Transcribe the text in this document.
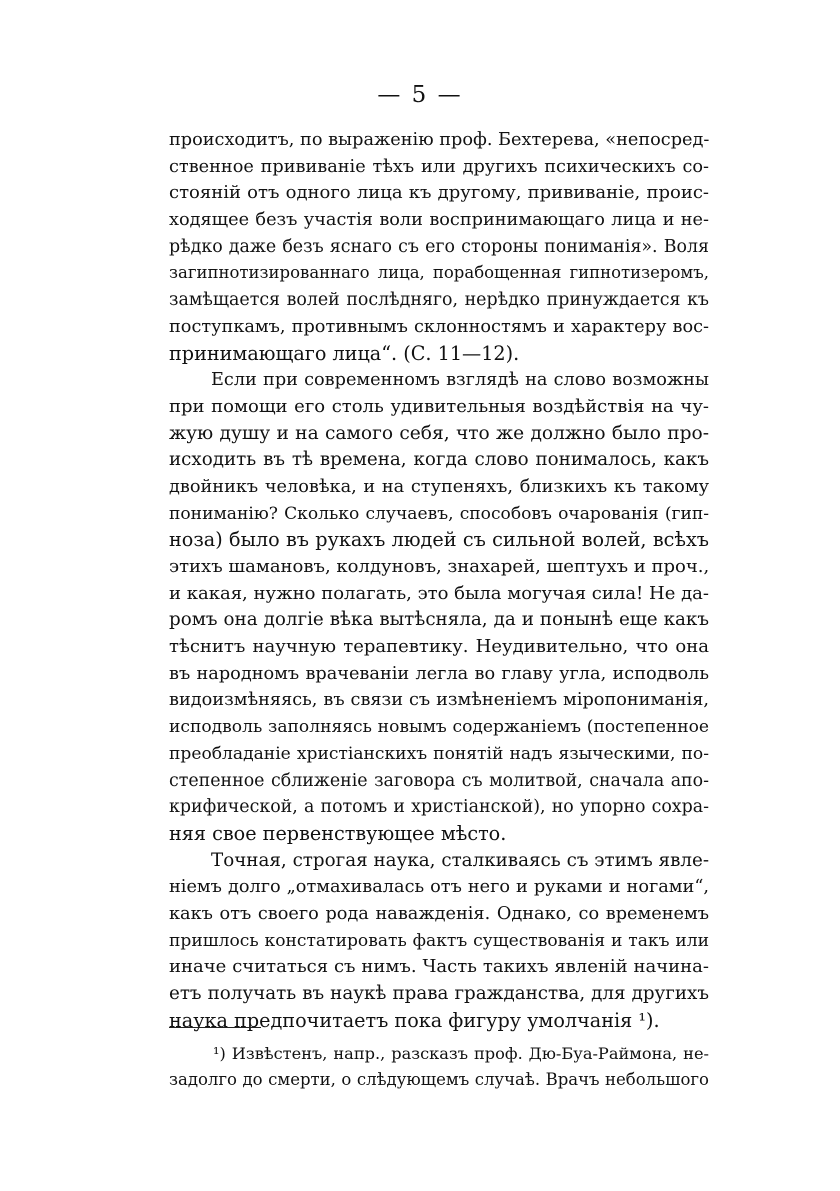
— 5 —
происходитъ, по выраженію проф. Бехтерева, «непосред-
ственное прививаніе тѣхъ или другихъ психическихъ со-
стояній отъ одного лица къ другому, прививаніе, проис-
ходящее безъ участія воли воспринимающаго лица и не-
рѣдко даже безъ яснаго съ его стороны пониманія». Воля
загипнотизированнаго лица, порабощенная гипнотизеромъ,
замѣщается волей послѣдняго, нерѣдко принуждается къ
поступкамъ, противнымъ склонностямъ и характеру вос-
принимающаго лица“. (С. 11—12).
Если при современномъ взглядѣ на слово возможны
при помощи его столь удивительныя воздѣйствія на чу-
жую душу и на самого себя, что же должно было про-
исходить въ тѣ времена, когда слово понималось, какъ
двойникъ человѣка, и на ступеняхъ, близкихъ къ такому
пониманію? Сколько случаевъ, способовъ очарованія (гип-
ноза) было въ рукахъ людей съ сильной волей, всѣхъ
этихъ шамановъ, колдуновъ, знахарей, шептухъ и проч.,
и какая, нужно полагать, это была могучая сила! Не да-
ромъ она долгіе вѣка вытѣсняла, да и понынѣ еще какъ
тѣснитъ научную терапевтику. Неудивительно, что она
въ народномъ врачеваніи легла во главу угла, исподволь
видоизмѣняясь, въ связи съ измѣненіемъ міропониманія,
исподволь заполняясь новымъ содержаніемъ (постепенное
преобладаніе христіанскихъ понятій надъ языческими, по-
степенное сближеніе заговора съ молитвой, сначала апо-
крифической, а потомъ и христіанской), но упорно сохра-
няя свое первенствующее мѣсто.
Точная, строгая наука, сталкиваясь съ этимъ явле-
ніемъ долго „отмахивалась отъ него и руками и ногами“,
какъ отъ своего рода наважденія. Однако, со временемъ
пришлось констатировать фактъ существованія и такъ или
иначе считаться съ нимъ. Часть такихъ явленій начина-
етъ получать въ наукѣ права гражданства, для другихъ
наука предпочитаетъ пока фигуру умолчанія ¹).
¹) Извѣстенъ, напр., разсказъ проф. Дю-Буа-Раймона, не-
задолго до смерти, о слѣдующемъ случаѣ. Врачъ небольшого
